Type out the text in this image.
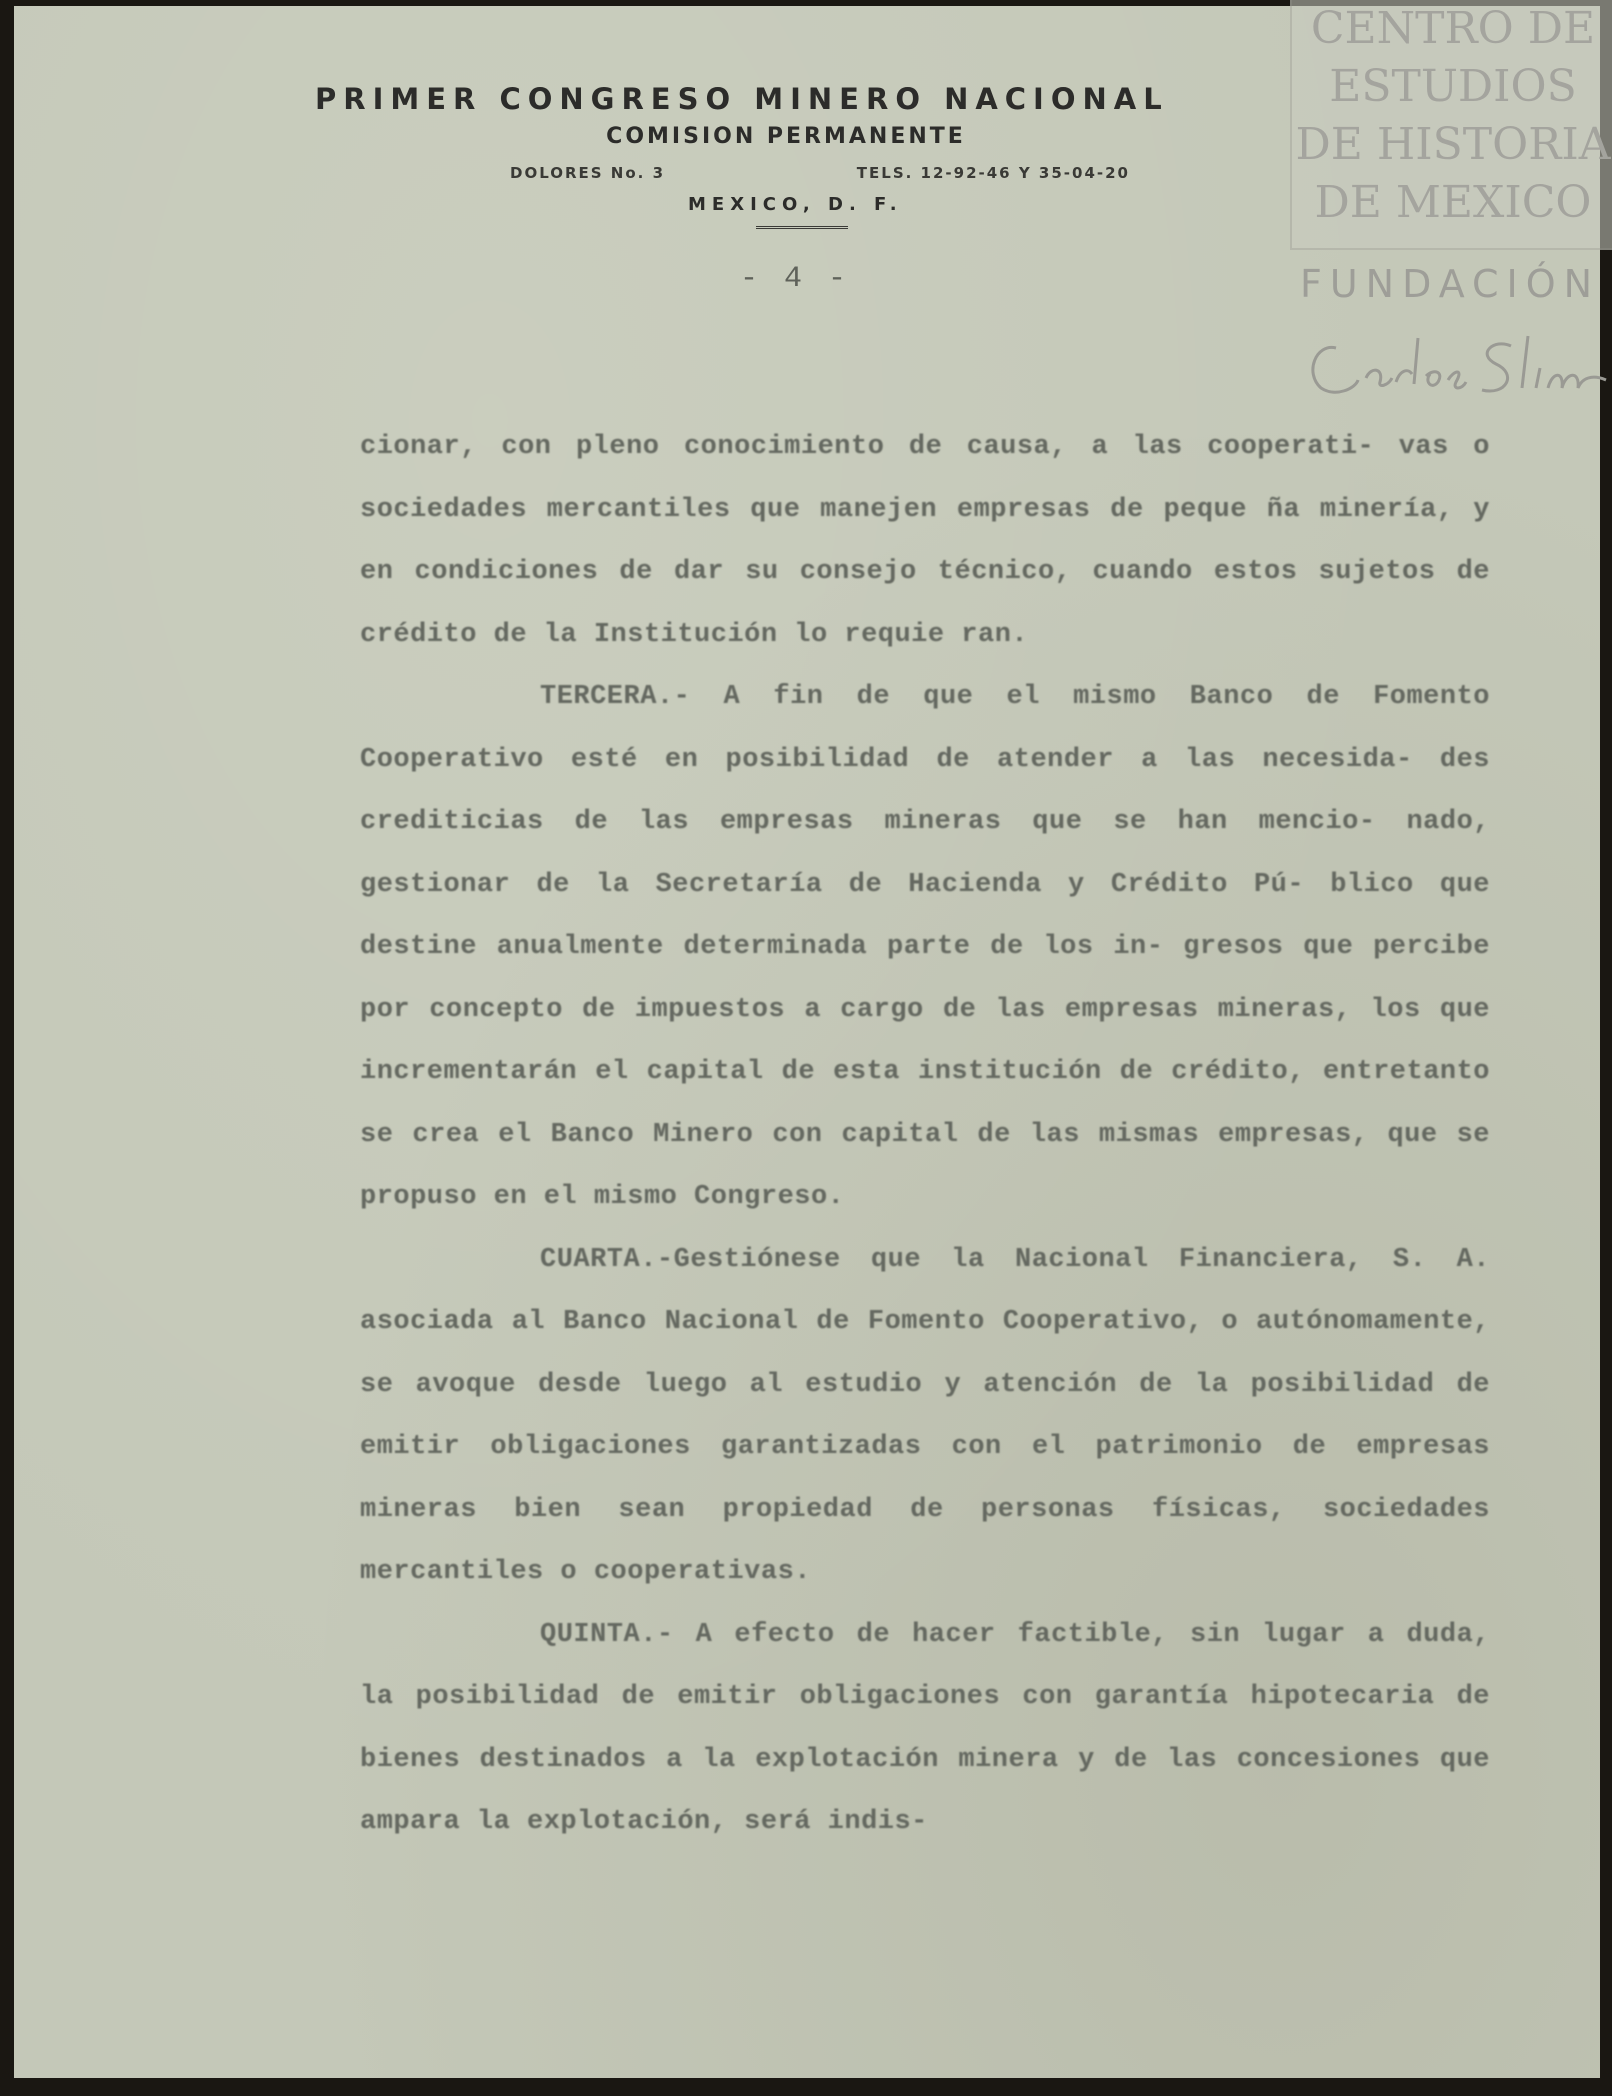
PRIMER CONGRESO MINERO NACIONAL
COMISION PERMANENTE
DOLORES No. 3	TELS. 12-92-46 Y 35-04-20
MEXICO, D. F.
- 4 -
CENTRO DE
ESTUDIOS
DE HISTORIA
DE MEXICO
FUNDACIÓN

cionar, con pleno conocimiento de causa, a las cooperati- vas o sociedades mercantiles que manejen empresas de peque ña minería, y en condiciones de dar su consejo técnico, cuando estos sujetos de crédito de la Institución lo requie ran.

TERCERA.- A fin de que el mismo Banco de Fomento Cooperativo esté en posibilidad de atender a las necesida- des crediticias de las empresas mineras que se han mencio- nado, gestionar de la Secretaría de Hacienda y Crédito Pú- blico que destine anualmente determinada parte de los in- gresos que percibe por concepto de impuestos a cargo de las empresas mineras, los que incrementarán el capital de esta institución de crédito, entretanto se crea el Banco Minero con capital de las mismas empresas, que se propuso en el mismo Congreso.

CUARTA.-Gestiónese que la Nacional Financiera, S. A. asociada al Banco Nacional de Fomento Cooperativo, o autónomamente, se avoque desde luego al estudio y atención de la posibilidad de emitir obligaciones garantizadas con el patrimonio de empresas mineras bien sean propiedad de personas físicas, sociedades mercantiles o cooperativas.

QUINTA.- A efecto de hacer factible, sin lugar a duda, la posibilidad de emitir obligaciones con garantía hipotecaria de bienes destinados a la explotación minera y de las concesiones que ampara la explotación, será indis-
